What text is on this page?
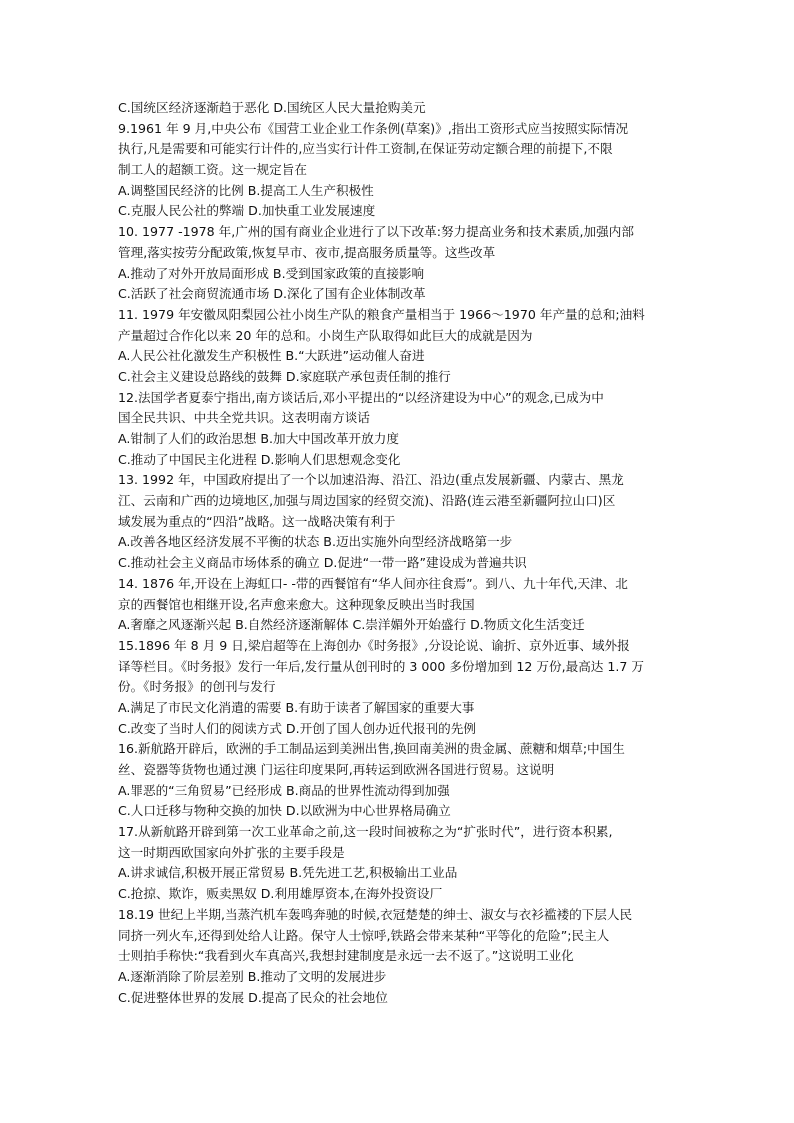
C.国统区经济逐渐趋于恶化 D.国统区人民大量抢购美元
9.1961 年 9 月,中央公布《国营工业企业工作条例(草案)》,指出工资形式应当按照实际情况
执行,凡是需要和可能实行计件的,应当实行计件工资制,在保证劳动定额合理的前提下,不限
制工人的超额工资。这一规定旨在
A.调整国民经济的比例 B.提高工人生产积极性
C.克服人民公社的弊端 D.加快重工业发展速度
10. 1977 -1978 年,广州的国有商业企业进行了以下改革:努力提高业务和技术素质,加强内部
管理,落实按劳分配政策,恢复早市、夜市,提高服务质量等。这些改革
A.推动了对外开放局面形成 B.受到国家政策的直接影响
C.活跃了社会商贸流通市场 D.深化了国有企业体制改革
11. 1979 年安徽凤阳梨园公社小岗生产队的粮食产量相当于 1966～1970 年产量的总和;油料
产量超过合作化以来 20 年的总和。小岗生产队取得如此巨大的成就是因为
A.人民公社化激发生产积极性 B.“大跃进”运动催人奋进
C.社会主义建设总路线的鼓舞 D.家庭联产承包责任制的推行
12.法国学者夏泰宁指出,南方谈话后,邓小平提出的“以经济建设为中心”的观念,已成为中
国全民共识、中共全党共识。这表明南方谈话
A.钳制了人们的政治思想 B.加大中国改革开放力度
C.推动了中国民主化进程 D.影响人们思想观念变化
13. 1992 年，中国政府提出了一个以加速沿海、沿江、沿边(重点发展新疆、内蒙古、黑龙
江、云南和广西的边境地区,加强与周边国家的经贸交流)、沿路(连云港至新疆阿拉山口)区
域发展为重点的“四沿”战略。这一战略决策有利于
A.改善各地区经济发展不平衡的状态 B.迈出实施外向型经济战略第一步
C.推动社会主义商品市场体系的确立 D.促进“一带一路”建设成为普遍共识
14. 1876 年,开设在上海虹口- -带的西餐馆有“华人间亦往食焉”。到八、九十年代,天津、北
京的西餐馆也相继开设,名声愈来愈大。这种现象反映出当时我国
A.奢靡之风逐渐兴起 B.自然经济逐渐解体 C.崇洋媚外开始盛行 D.物质文化生活变迁
15.1896 年 8 月 9 日,梁启超等在上海创办《时务报》,分设论说、谕折、京外近事、域外报
译等栏目。《时务报》发行一年后,发行量从创刊时的 3 000 多份增加到 12 万份,最高达 1.7 万
份。《时务报》的创刊与发行
A.满足了市民文化消遣的需要 B.有助于读者了解国家的重要大事
C.改变了当时人们的阅读方式 D.开创了国人创办近代报刊的先例
16.新航路开辟后，欧洲的手工制品运到美洲出售,换回南美洲的贵金属、蔗糖和烟草;中国生
丝、瓷器等货物也通过澳 门运往印度果阿,再转运到欧洲各国进行贸易。这说明
A.罪恶的“三角贸易”已经形成 B.商品的世界性流动得到加强
C.人口迁移与物种交换的加快 D.以欧洲为中心世界格局确立
17.从新航路开辟到第一次工业革命之前,这一段时间被称之为“扩张时代”，进行资本积累,
这一时期西欧国家向外扩张的主要手段是
A.讲求诚信,积极开展正常贸易 B.凭先进工艺,积极输出工业品
C.抢掠、欺诈，贩卖黑奴 D.利用雄厚资本,在海外投资设厂
18.19 世纪上半期,当蒸汽机车轰鸣奔驰的时候,衣冠楚楚的绅士、淑女与衣衫褴褛的下层人民
同挤一列火车,还得到处给人让路。保守人士惊呼,铁路会带来某种“平等化的危险”;民主人
士则拍手称快:“我看到火车真高兴,我想封建制度是永远一去不返了。”这说明工业化
A.逐渐消除了阶层差别 B.推动了文明的发展进步
C.促进整体世界的发展 D.提高了民众的社会地位
